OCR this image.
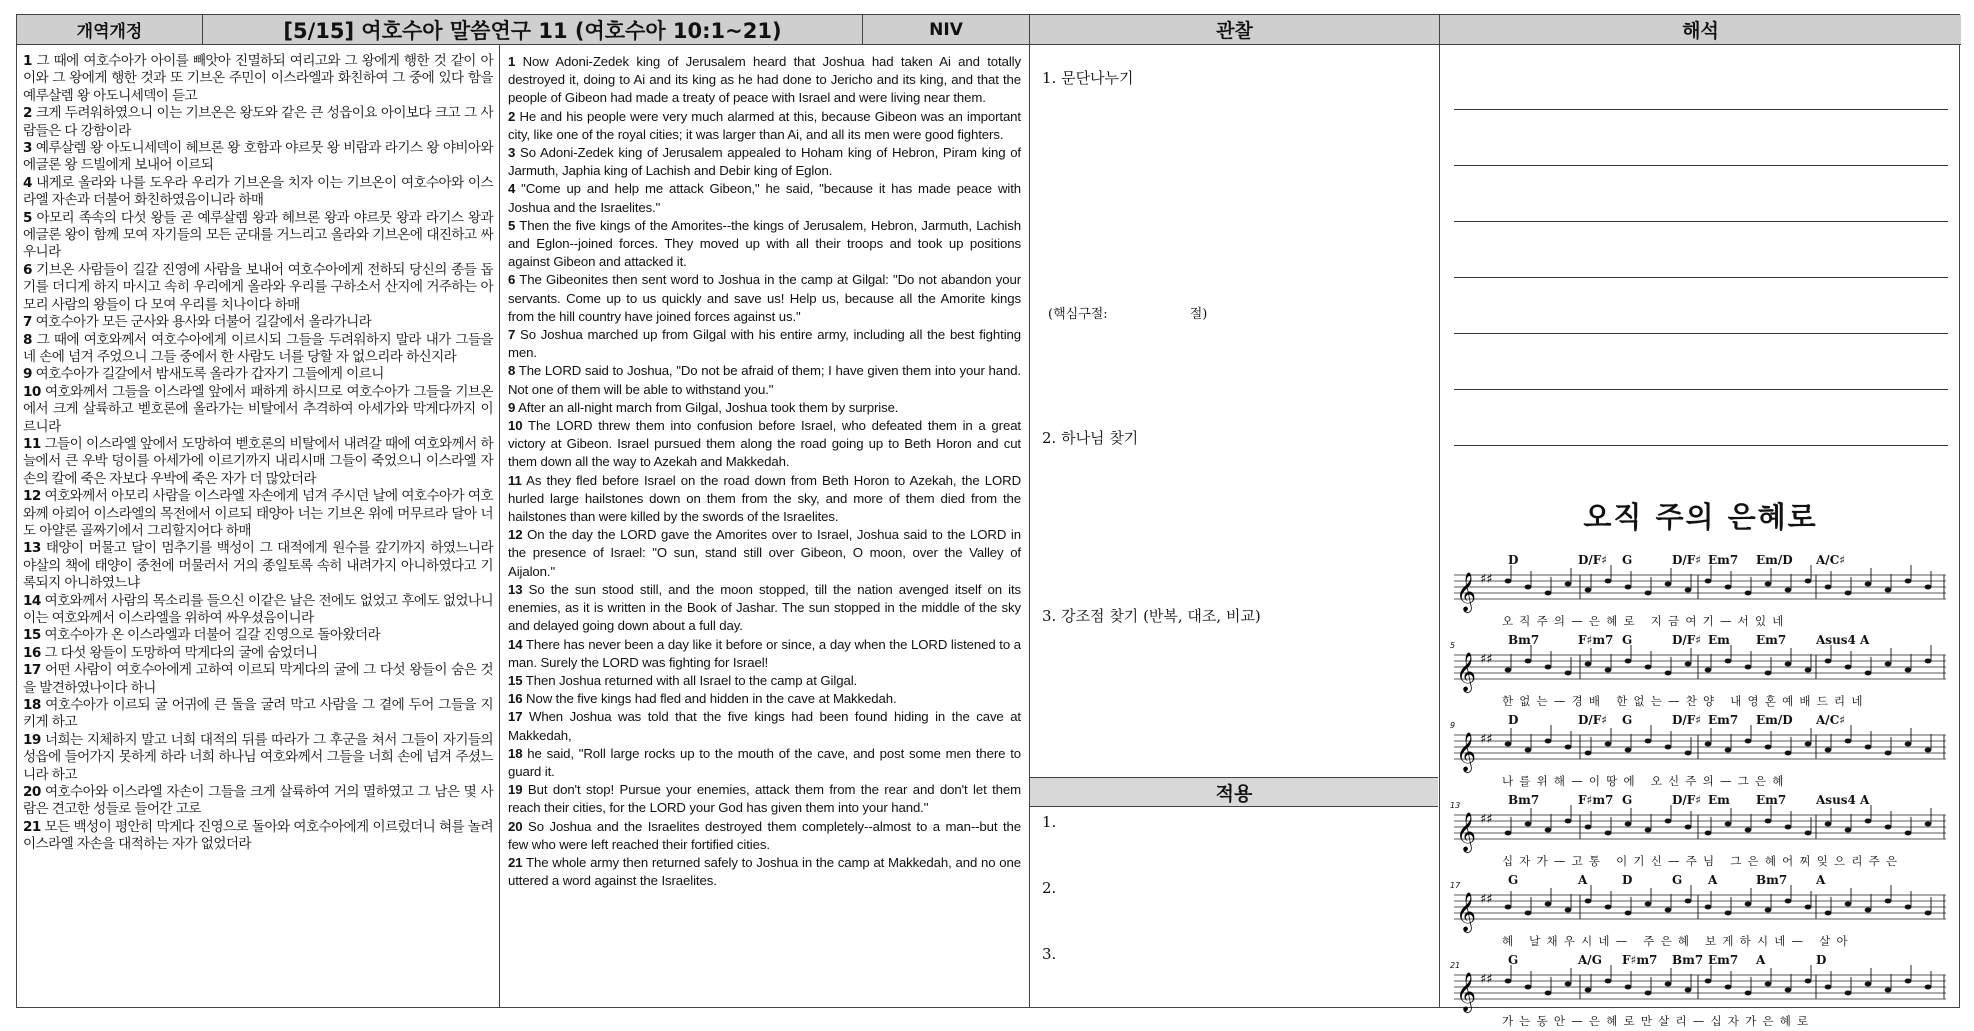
개역개정	[5/15] 여호수아 말씀연구 11 (여호수아 10:1~21)	NIV	관찰	해석
1 그 때에 여호수아가 아이를 빼앗아 진멸하되 여리고와 그 왕에게 행한 것 같이 아이와 그 왕에게 행한 것과 또 기브온 주민이 이스라엘과 화친하여 그 중에 있다 함을 예루살렘 왕 아도니세덱이 듣고
2 크게 두려워하였으니 이는 기브온은 왕도와 같은 큰 성읍이요 아이보다 크고 그 사람들은 다 강함이라
3 예루살렘 왕 아도니세덱이 헤브론 왕 호함과 야르뭇 왕 비람과 라기스 왕 야비아와 에글론 왕 드빌에게 보내어 이르되
4 내게로 올라와 나를 도우라 우리가 기브온을 치자 이는 기브온이 여호수아와 이스라엘 자손과 더불어 화친하였음이니라 하매
5 아모리 족속의 다섯 왕들 곧 예루살렘 왕과 헤브론 왕과 야르뭇 왕과 라기스 왕과 에글론 왕이 함께 모여 자기들의 모든 군대를 거느리고 올라와 기브온에 대진하고 싸우니라
6 기브온 사람들이 길갈 진영에 사람을 보내어 여호수아에게 전하되 당신의 종들 돕기를 더디게 하지 마시고 속히 우리에게 올라와 우리를 구하소서 산지에 거주하는 아모리 사람의 왕들이 다 모여 우리를 치나이다 하매
7 여호수아가 모든 군사와 용사와 더불어 길갈에서 올라가니라
8 그 때에 여호와께서 여호수아에게 이르시되 그들을 두려워하지 말라 내가 그들을 네 손에 넘겨 주었으니 그들 중에서 한 사람도 너를 당할 자 없으리라 하신지라
9 여호수아가 길갈에서 밤새도록 올라가 갑자기 그들에게 이르니
10 여호와께서 그들을 이스라엘 앞에서 패하게 하시므로 여호수아가 그들을 기브온에서 크게 살륙하고 벧호론에 올라가는 비탈에서 추격하여 아세가와 막게다까지 이르니라
11 그들이 이스라엘 앞에서 도망하여 벧호론의 비탈에서 내려갈 때에 여호와께서 하늘에서 큰 우박 덩이를 아세가에 이르기까지 내리시매 그들이 죽었으니 이스라엘 자손의 칼에 죽은 자보다 우박에 죽은 자가 더 많았더라
12 여호와께서 아모리 사람을 이스라엘 자손에게 넘겨 주시던 날에 여호수아가 여호와께 아뢰어 이스라엘의 목전에서 이르되 태양아 너는 기브온 위에 머무르라 달아 너도 아얄론 골짜기에서 그리할지어다 하매
13 태양이 머물고 달이 멈추기를 백성이 그 대적에게 원수를 갚기까지 하였느니라 야살의 책에 태양이 중천에 머물러서 거의 종일토록 속히 내려가지 아니하였다고 기록되지 아니하였느냐
14 여호와께서 사람의 목소리를 들으신 이같은 날은 전에도 없었고 후에도 없었나니 이는 여호와께서 이스라엘을 위하여 싸우셨음이니라
15 여호수아가 온 이스라엘과 더불어 길갈 진영으로 돌아왔더라
16 그 다섯 왕들이 도망하여 막게다의 굴에 숨었더니
17 어떤 사람이 여호수아에게 고하여 이르되 막게다의 굴에 그 다섯 왕들이 숨은 것을 발견하였나이다 하니
18 여호수아가 이르되 굴 어귀에 큰 돌을 굴려 막고 사람을 그 곁에 두어 그들을 지키게 하고
19 너희는 지체하지 말고 너희 대적의 뒤를 따라가 그 후군을 쳐서 그들이 자기들의 성읍에 들어가지 못하게 하라 너희 하나님 여호와께서 그들을 너희 손에 넘겨 주셨느니라 하고
20 여호수아와 이스라엘 자손이 그들을 크게 살륙하여 거의 멸하였고 그 남은 몇 사람은 견고한 성들로 들어간 고로
21 모든 백성이 평안히 막게다 진영으로 돌아와 여호수아에게 이르렀더니 혀를 놀려 이스라엘 자손을 대적하는 자가 없었더라
1 Now Adoni-Zedek king of Jerusalem heard that Joshua had taken Ai and totally destroyed it, doing to Ai and its king as he had done to Jericho and its king, and that the people of Gibeon had made a treaty of peace with Israel and were living near them.
2 He and his people were very much alarmed at this, because Gibeon was an important city, like one of the royal cities; it was larger than Ai, and all its men were good fighters.
3 So Adoni-Zedek king of Jerusalem appealed to Hoham king of Hebron, Piram king of Jarmuth, Japhia king of Lachish and Debir king of Eglon.
4 "Come up and help me attack Gibeon," he said, "because it has made peace with Joshua and the Israelites."
5 Then the five kings of the Amorites--the kings of Jerusalem, Hebron, Jarmuth, Lachish and Eglon--joined forces. They moved up with all their troops and took up positions against Gibeon and attacked it.
6 The Gibeonites then sent word to Joshua in the camp at Gilgal: "Do not abandon your servants. Come up to us quickly and save us! Help us, because all the Amorite kings from the hill country have joined forces against us."
7 So Joshua marched up from Gilgal with his entire army, including all the best fighting men.
8 The LORD said to Joshua, "Do not be afraid of them; I have given them into your hand. Not one of them will be able to withstand you."
9 After an all-night march from Gilgal, Joshua took them by surprise.
10 The LORD threw them into confusion before Israel, who defeated them in a great victory at Gibeon. Israel pursued them along the road going up to Beth Horon and cut them down all the way to Azekah and Makkedah.
11 As they fled before Israel on the road down from Beth Horon to Azekah, the LORD hurled large hailstones down on them from the sky, and more of them died from the hailstones than were killed by the swords of the Israelites.
12 On the day the LORD gave the Amorites over to Israel, Joshua said to the LORD in the presence of Israel: "O sun, stand still over Gibeon, O moon, over the Valley of Aijalon."
13 So the sun stood still, and the moon stopped, till the nation avenged itself on its enemies, as it is written in the Book of Jashar. The sun stopped in the middle of the sky and delayed going down about a full day.
14 There has never been a day like it before or since, a day when the LORD listened to a man. Surely the LORD was fighting for Israel!
15 Then Joshua returned with all Israel to the camp at Gilgal.
16 Now the five kings had fled and hidden in the cave at Makkedah.
17 When Joshua was told that the five kings had been found hiding in the cave at Makkedah,
18 he said, "Roll large rocks up to the mouth of the cave, and post some men there to guard it.
19 But don't stop! Pursue your enemies, attack them from the rear and don't let them reach their cities, for the LORD your God has given them into your hand."
20 So Joshua and the Israelites destroyed them completely--almost to a man--but the few who were left reached their fortified cities.
21 The whole army then returned safely to Joshua in the camp at Makkedah, and no one uttered a word against the Israelites.
1. 문단나누기
(핵심구절:	절)
2. 하나님 찾기
3. 강조점 찾기 (반복, 대조, 비교)
적용
1.
2.
3.
오직 주의 은혜로
𝄞 ♯♯
D	D/F♯ G	D/F♯ Em7 Em/D A/C♯
오직주의—은혜로 지금여기—서있네
5
𝄞 ♯♯
Bm7	F♯m7 G	D/F♯ Em Em7 Asus4 A
한없는—경배 한없는—찬양 내영혼예배드리네
9
𝄞 ♯♯
D	D/F♯ G	D/F♯ Em7 Em/D A/C♯
나를위해—이땅에 오신주의—그은혜
13
𝄞 ♯♯
Bm7	F♯m7 G	D/F♯ Em Em7 Asus4 A
십자가—고통 이기신—주님 그은혜어찌잊으리주은
17
𝄞 ♯♯
G	A	D	G A	Bm7 A
혜 날채우시네— 주은혜 보게하시네— 살아
21
𝄞 ♯♯
G	A/G F♯m7 Bm7 Em7 A	D
가는동안—은혜로만살리—십자가은혜로
